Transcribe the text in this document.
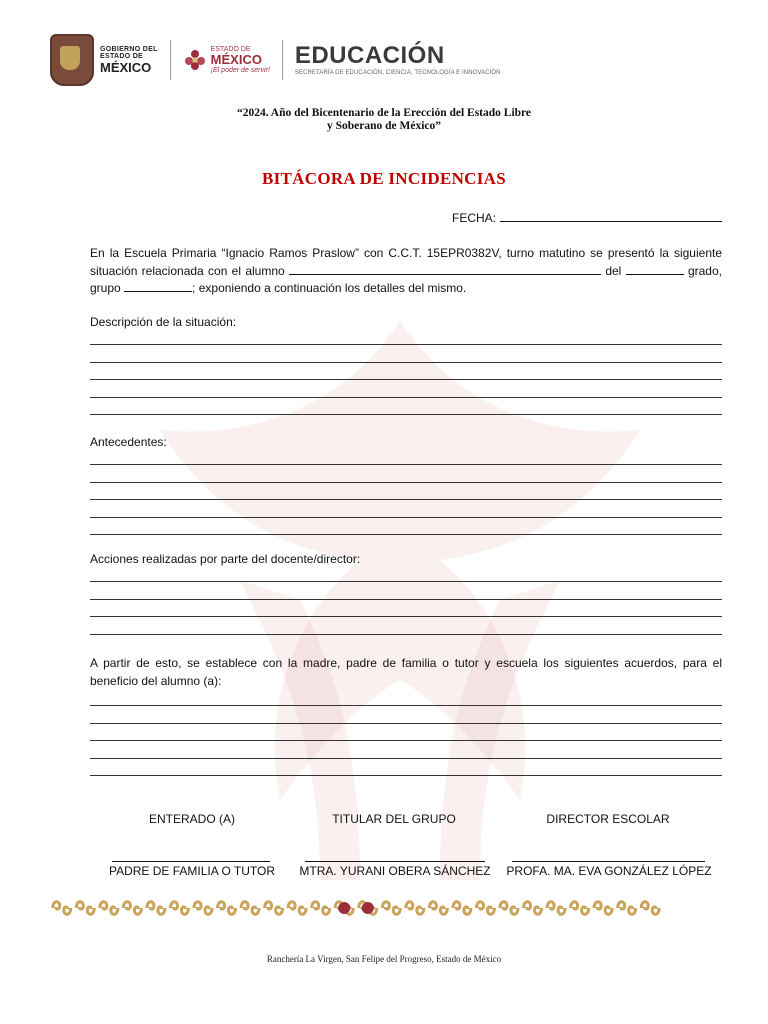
GOBIERNO DEL
ESTADO DE
MÉXICO
ESTADO DE
MÉXICO
¡El poder de servir!
EDUCACIÓN
SECRETARÍA DE EDUCACIÓN, CIENCIA, TECNOLOGÍA E INNOVACIÓN
“2024. Año del Bicentenario de la Erección del Estado Libre
y Soberano de México”
BITÁCORA DE INCIDENCIAS
FECHA:
En la Escuela Primaria “Ignacio Ramos Praslow” con C.C.T. 15EPR0382V, turno matutino se presentó la siguiente situación relacionada con el alumno	del	grado, grupo	; exponiendo a continuación los detalles del mismo.
Descripción de la situación:
Antecedentes:
Acciones realizadas por parte del docente/director:
A partir de esto, se establece con la madre, padre de familia o tutor y escuela los siguientes acuerdos, para el beneficio del alumno (a):
ENTERADO (A)	TITULAR DEL GRUPO	DIRECTOR ESCOLAR
PADRE DE FAMILIA O TUTOR	MTRA. YURANI OBERA SÁNCHEZ	PROFA. MA. EVA GONZÁLEZ LÓPEZ
Ranchería La Virgen, San Felipe del Progreso, Estado de México
